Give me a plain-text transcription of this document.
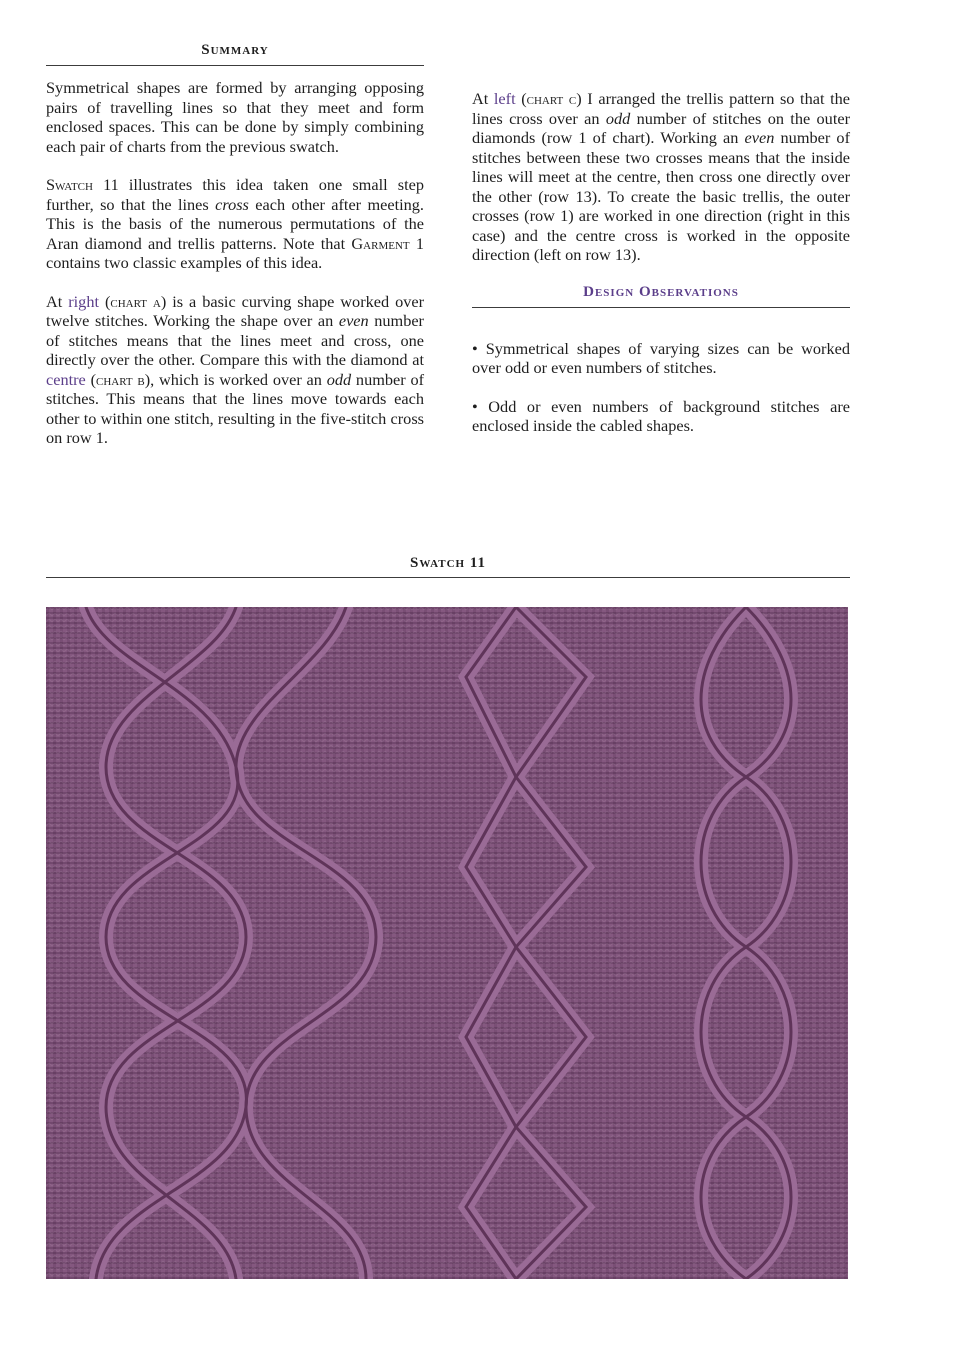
Summary

Symmetrical shapes are formed by arranging opposing pairs of travelling lines so that they meet and form enclosed spaces. This can be done by simply combining each pair of charts from the previous swatch.

Swatch 11 illustrates this idea taken one small step further, so that the lines cross each other after meeting. This is the basis of the numerous permutations of the Aran diamond and trellis patterns. Note that Garment 1 contains two classic examples of this idea.

At right (chart a) is a basic curving shape worked over twelve stitches. Working the shape over an even number of stitches means that the lines meet and cross, one directly over the other. Compare this with the diamond at centre (chart b), which is worked over an odd number of stitches. This means that the lines move towards each other to within one stitch, resulting in the five-stitch cross on row 1.

At left (chart c) I arranged the trellis pattern so that the lines cross over an odd number of stitches on the outer diamonds (row 1 of chart). Working an even number of stitches between these two crosses means that the inside lines will meet at the centre, then cross one directly over the other (row 13). To create the basic trellis, the outer crosses (row 1) are worked in one direction (right in this case) and the centre cross is worked in the opposite direction (left on row 13).

Design Observations

• Symmetrical shapes of varying sizes can be worked over odd or even numbers of stitches.

• Odd or even numbers of background stitches are enclosed inside the cabled shapes.

Swatch 11
